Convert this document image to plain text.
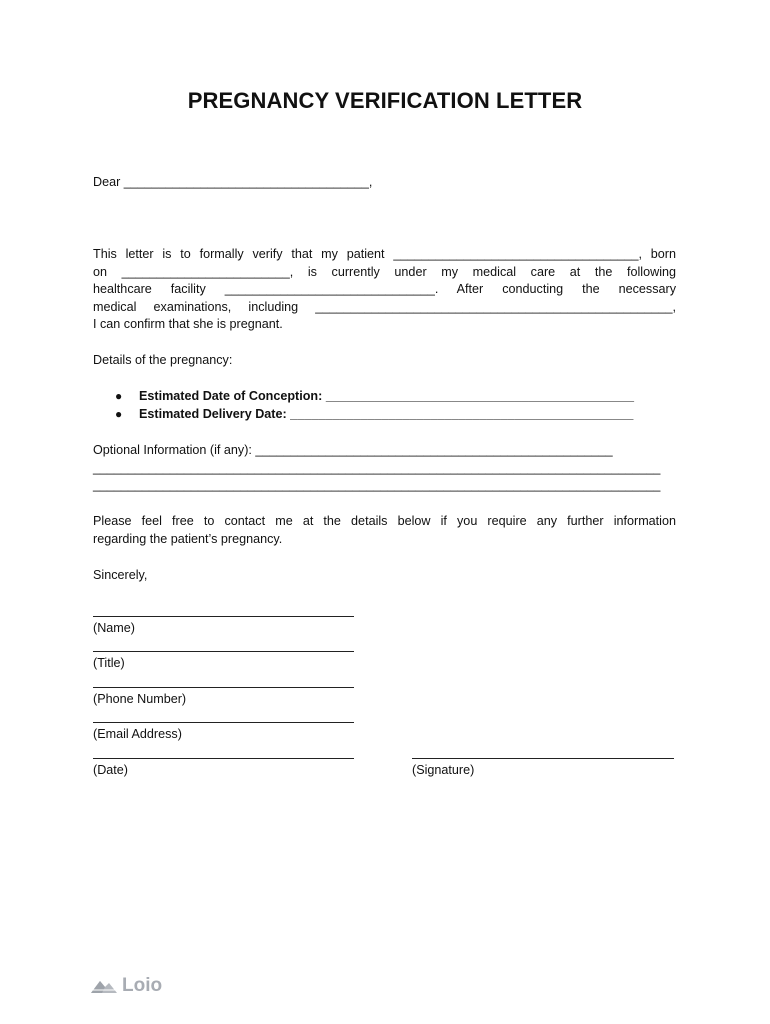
PREGNANCY VERIFICATION LETTER
Dear ___________________________________,
This letter is to formally verify that my patient ___________________________________, born
on ________________________, is currently under my medical care at the following
healthcare facility ______________________________. After conducting the necessary
medical examinations, including ___________________________________________________,
I can confirm that she is pregnant.
Details of the pregnancy:
● Estimated Date of Conception: ____________________________________________
● Estimated Delivery Date: _________________________________________________
Optional Information (if any): ___________________________________________________
_________________________________________________________________________________
_________________________________________________________________________________
Please feel free to contact me at the details below if you require any further information
regarding the patient’s pregnancy.
Sincerely,
(Name)
(Title)
(Phone Number)
(Email Address)
(Date)	(Signature)
Loio
